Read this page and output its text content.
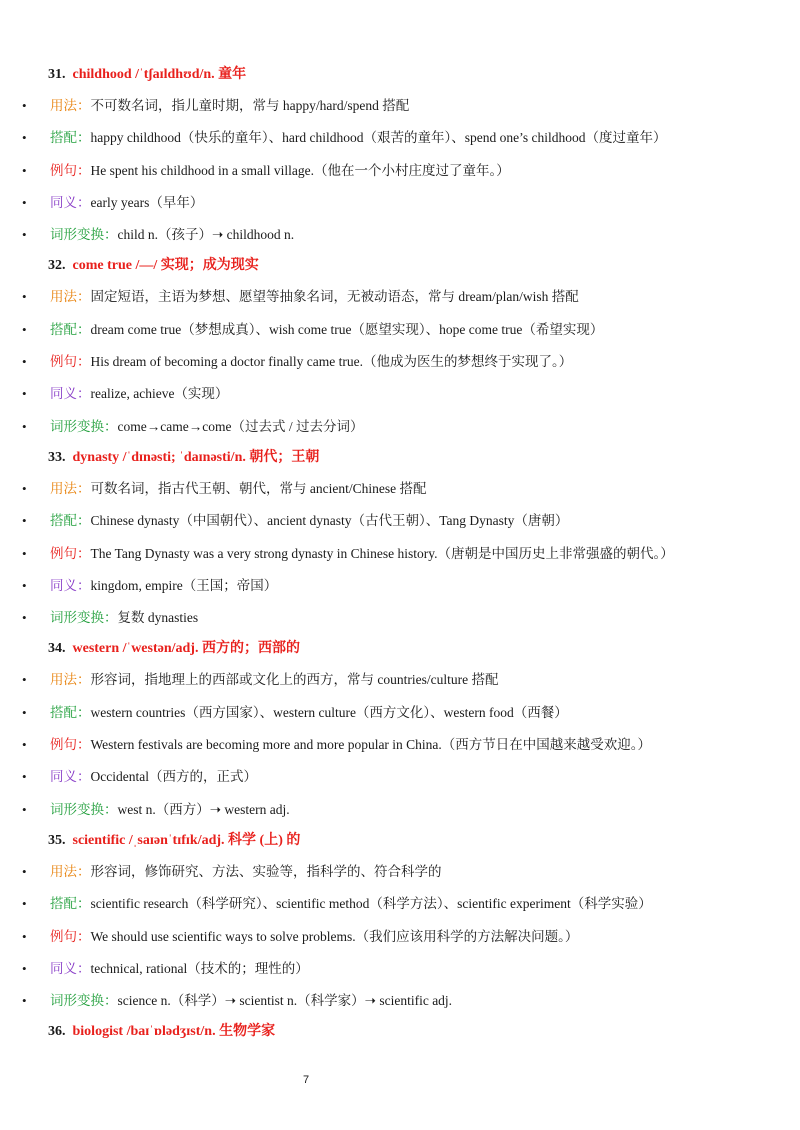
31. childhood /ˈtʃaɪldhʊd/n. 童年

• 用法：不可数名词，指儿童时期，常与 happy/hard/spend 搭配
• 搭配：happy childhood（快乐的童年）、hard childhood（艰苦的童年）、spend one’s childhood（度过童年）
• 例句：He spent his childhood in a small village.（他在一个小村庄度过了童年。）
• 同义：early years（早年）
• 词形变换：child n.（孩子）➝ childhood n.

32. come true /—/ 实现；成为现实

• 用法：固定短语，主语为梦想、愿望等抽象名词，无被动语态，常与 dream/plan/wish 搭配
• 搭配：dream come true（梦想成真）、wish come true（愿望实现）、hope come true（希望实现）
• 例句：His dream of becoming a doctor finally came true.（他成为医生的梦想终于实现了。）
• 同义：realize, achieve（实现）
• 词形变换：come→came→come（过去式 / 过去分词）

33. dynasty /ˈdɪnəsti; ˈdaɪnəsti/n. 朝代；王朝

• 用法：可数名词，指古代王朝、朝代，常与 ancient/Chinese 搭配
• 搭配：Chinese dynasty（中国朝代）、ancient dynasty（古代王朝）、Tang Dynasty（唐朝）
• 例句：The Tang Dynasty was a very strong dynasty in Chinese history.（唐朝是中国历史上非常强盛的朝代。）
• 同义：kingdom, empire（王国；帝国）
• 词形变换：复数 dynasties

34. western /ˈwestən/adj. 西方的；西部的

• 用法：形容词，指地理上的西部或文化上的西方，常与 countries/culture 搭配
• 搭配：western countries（西方国家）、western culture（西方文化）、western food（西餐）
• 例句：Western festivals are becoming more and more popular in China.（西方节日在中国越来越受欢迎。）
• 同义：Occidental（西方的，正式）
• 词形变换：west n.（西方）➝ western adj.

35. scientific /ˌsaɪənˈtɪfɪk/adj. 科学 (上) 的

• 用法：形容词，修饰研究、方法、实验等，指科学的、符合科学的
• 搭配：scientific research（科学研究）、scientific method（科学方法）、scientific experiment（科学实验）
• 例句：We should use scientific ways to solve problems.（我们应该用科学的方法解决问题。）
• 同义：technical, rational（技术的；理性的）
• 词形变换：science n.（科学）➝ scientist n.（科学家）➝ scientific adj.

36. biologist /baɪˈɒlədʒɪst/n. 生物学家

7
